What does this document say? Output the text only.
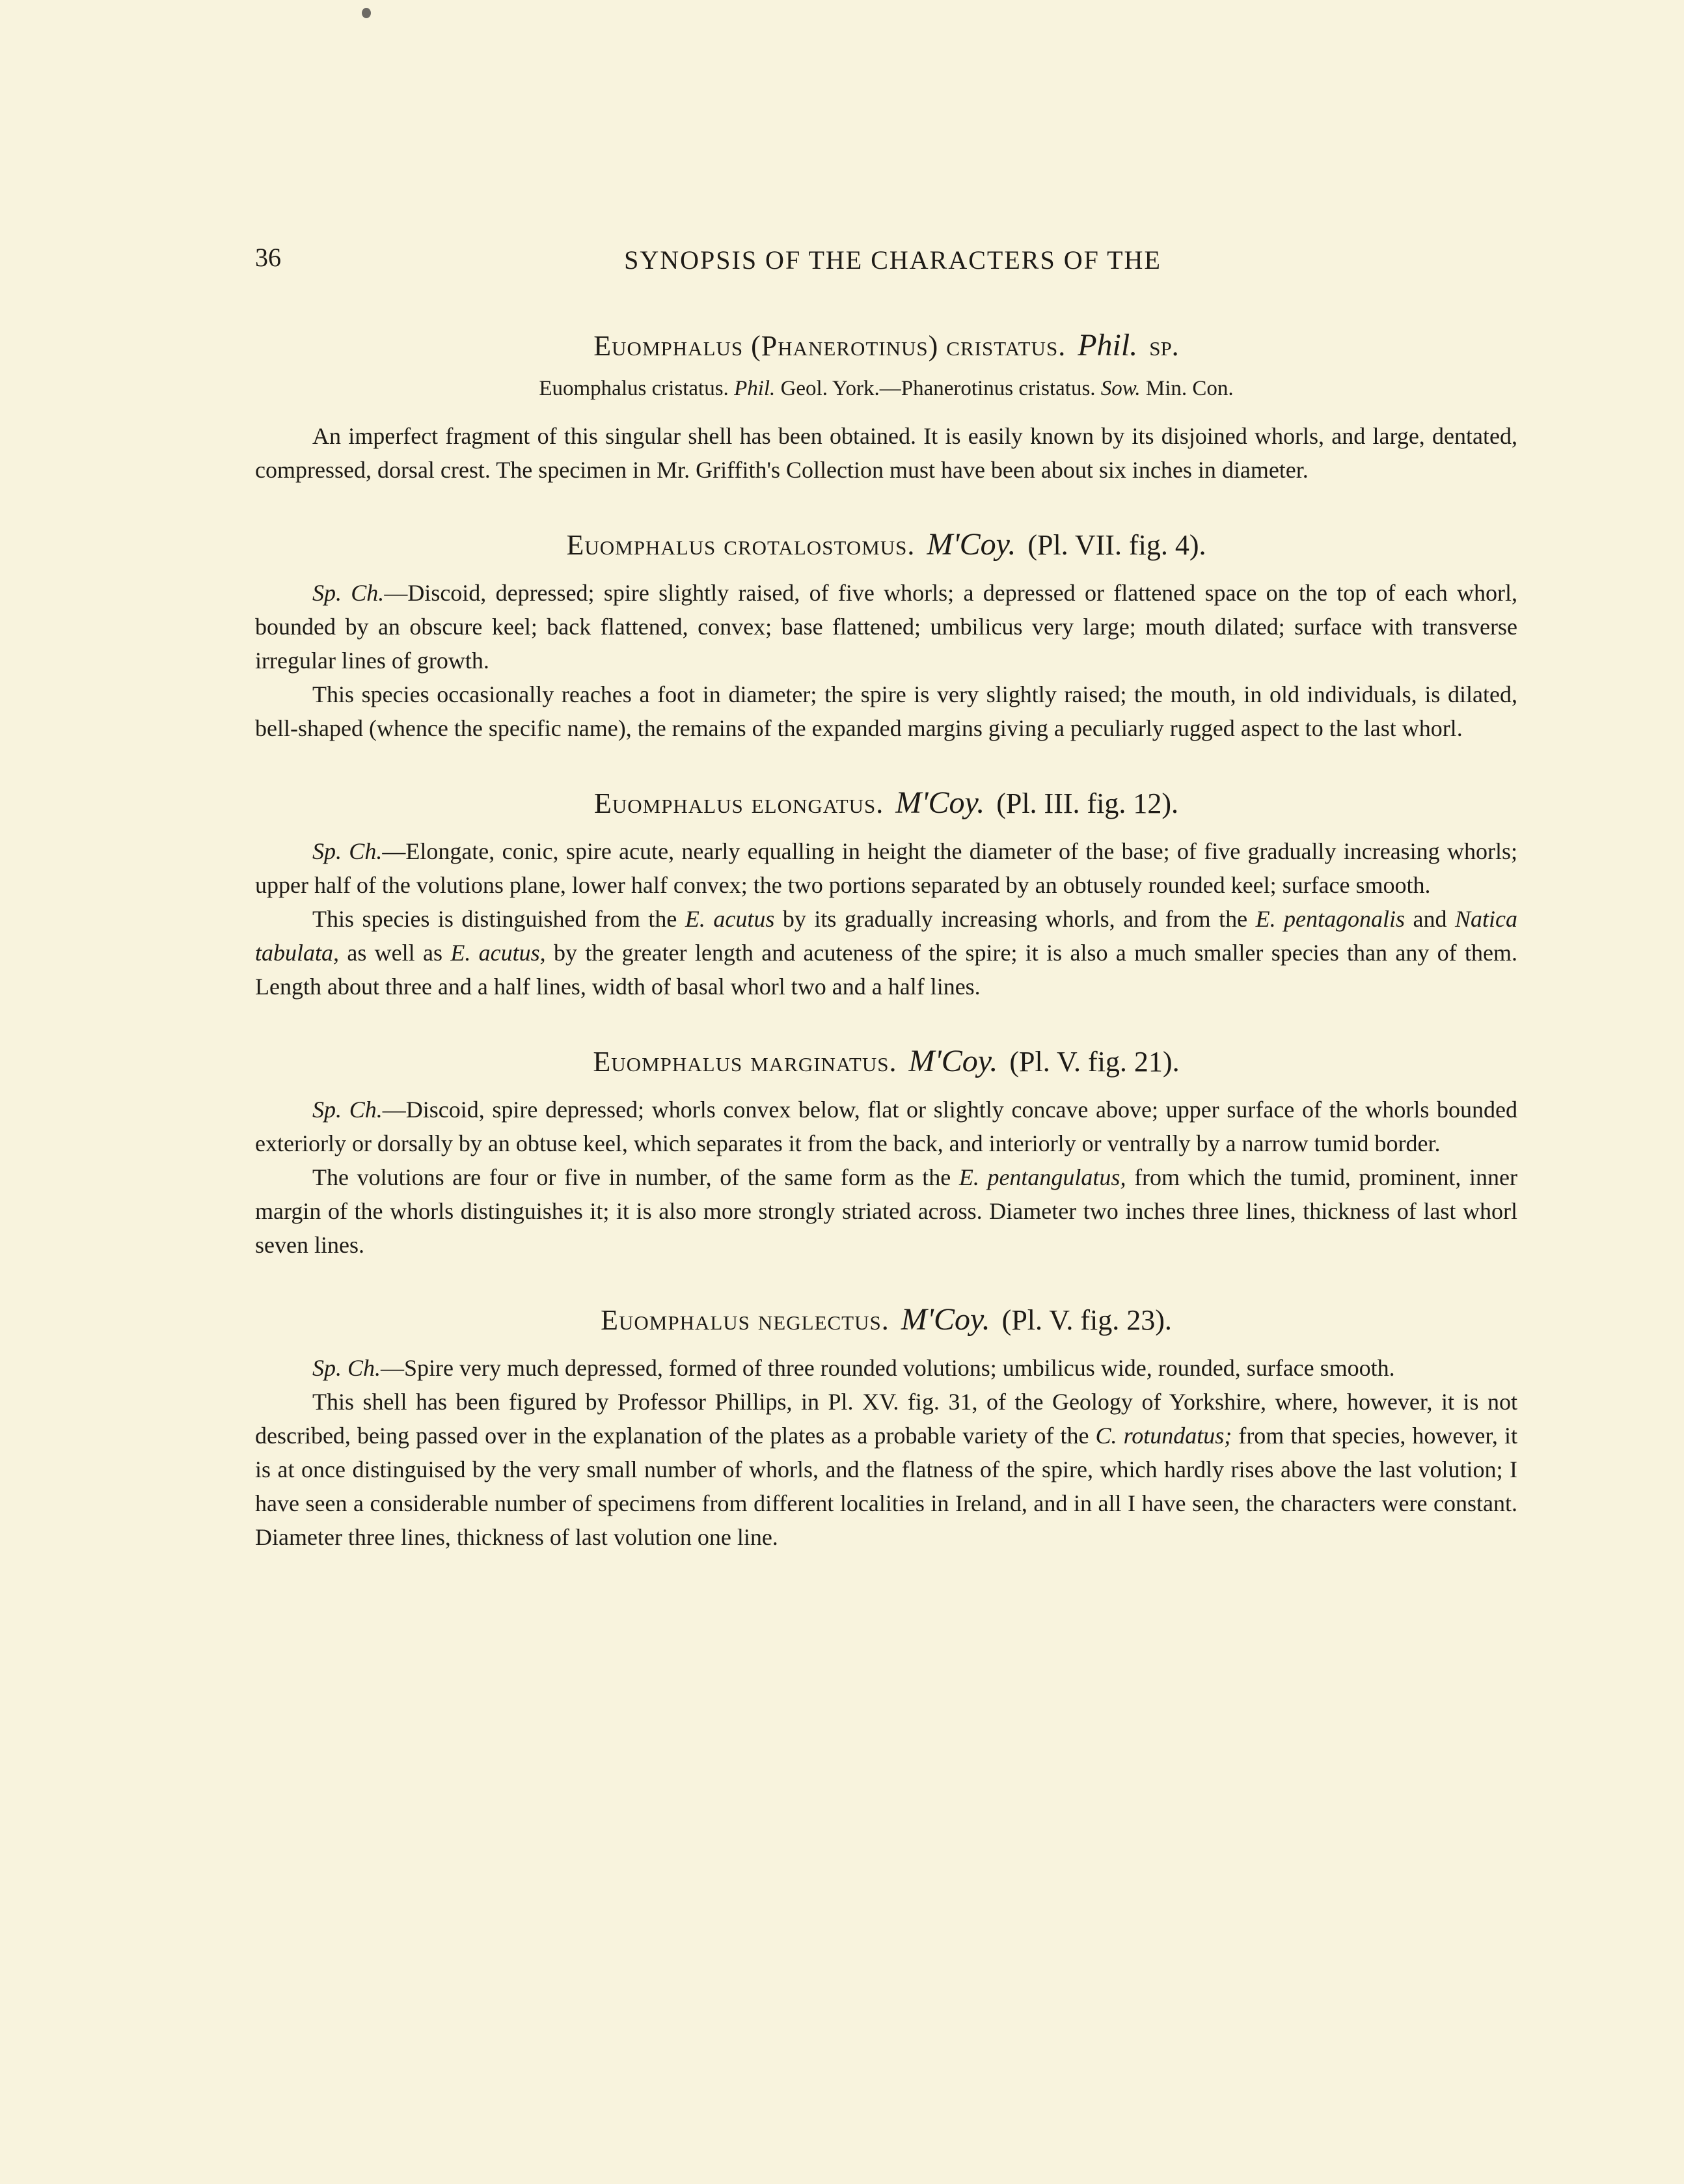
36	SYNOPSIS OF THE CHARACTERS OF THE
Euomphalus (Phanerotinus) cristatus. Phil. sp.
Euomphalus cristatus. Phil. Geol. York.—Phanerotinus cristatus. Sow. Min. Con.

An imperfect fragment of this singular shell has been obtained. It is easily known by its disjoined whorls, and large, dentated, compressed, dorsal crest. The specimen in Mr. Griffith's Collection must have been about six inches in diameter.

Euomphalus crotalostomus. M'Coy. (Pl. VII. fig. 4).

Sp. Ch.—Discoid, depressed; spire slightly raised, of five whorls; a depressed or flattened space on the top of each whorl, bounded by an obscure keel; back flattened, convex; base flattened; umbilicus very large; mouth dilated; surface with transverse irregular lines of growth.

This species occasionally reaches a foot in diameter; the spire is very slightly raised; the mouth, in old individuals, is dilated, bell-shaped (whence the specific name), the remains of the expanded margins giving a peculiarly rugged aspect to the last whorl.

Euomphalus elongatus. M'Coy. (Pl. III. fig. 12).

Sp. Ch.—Elongate, conic, spire acute, nearly equalling in height the diameter of the base; of five gradually increasing whorls; upper half of the volutions plane, lower half convex; the two portions separated by an obtusely rounded keel; surface smooth.

This species is distinguished from the E. acutus by its gradually increasing whorls, and from the E. pentagonalis and Natica tabulata, as well as E. acutus, by the greater length and acuteness of the spire; it is also a much smaller species than any of them. Length about three and a half lines, width of basal whorl two and a half lines.

Euomphalus marginatus. M'Coy. (Pl. V. fig. 21).

Sp. Ch.—Discoid, spire depressed; whorls convex below, flat or slightly concave above; upper surface of the whorls bounded exteriorly or dorsally by an obtuse keel, which separates it from the back, and interiorly or ventrally by a narrow tumid border.

The volutions are four or five in number, of the same form as the E. pentangulatus, from which the tumid, prominent, inner margin of the whorls distinguishes it; it is also more strongly striated across. Diameter two inches three lines, thickness of last whorl seven lines.

Euomphalus neglectus. M'Coy. (Pl. V. fig. 23).

Sp. Ch.—Spire very much depressed, formed of three rounded volutions; umbilicus wide, rounded, surface smooth.

This shell has been figured by Professor Phillips, in Pl. XV. fig. 31, of the Geology of Yorkshire, where, however, it is not described, being passed over in the explanation of the plates as a probable variety of the C. rotundatus; from that species, however, it is at once distinguised by the very small number of whorls, and the flatness of the spire, which hardly rises above the last volution; I have seen a considerable number of specimens from different localities in Ireland, and in all I have seen, the characters were constant. Diameter three lines, thickness of last volution one line.
